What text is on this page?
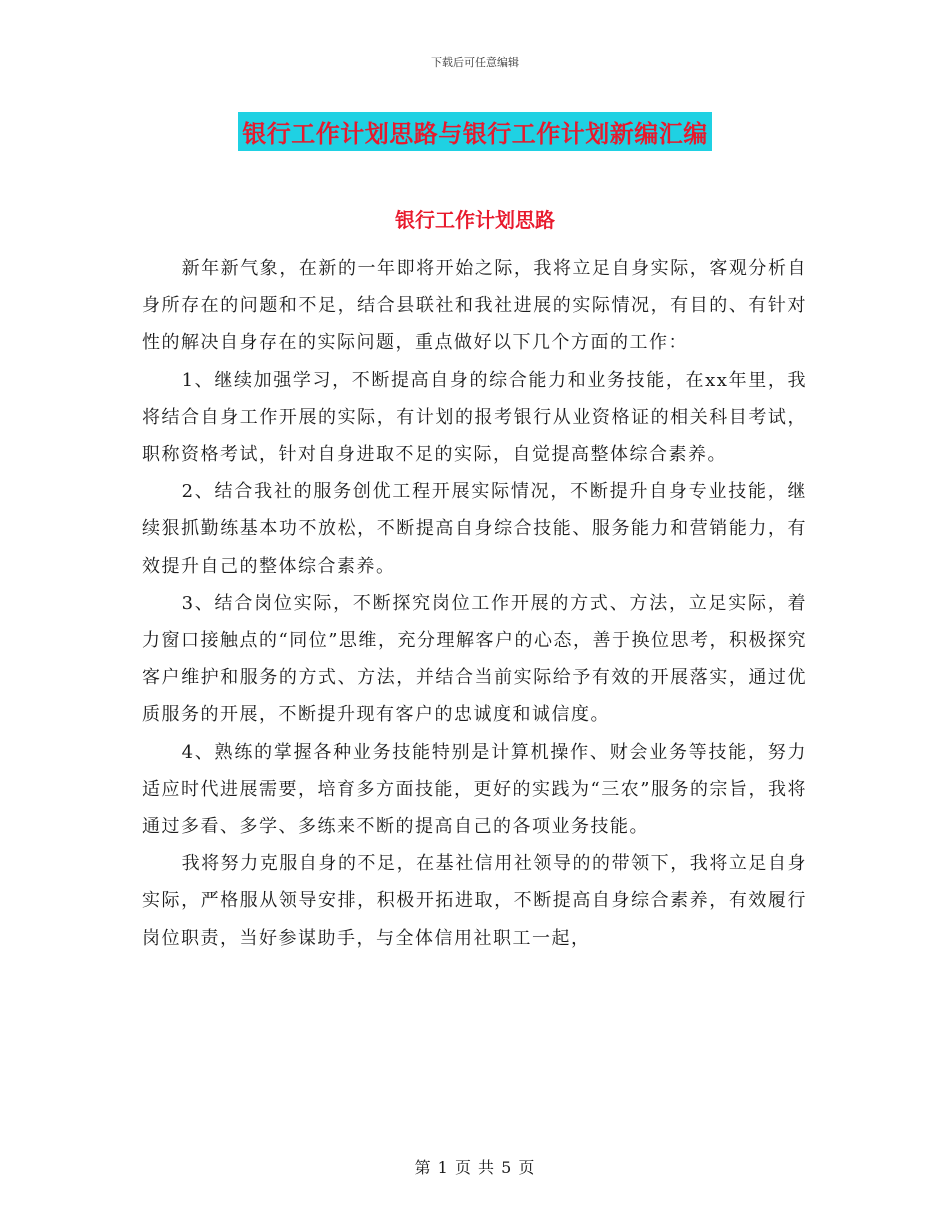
下载后可任意编辑
银行工作计划思路与银行工作计划新编汇编
银行工作计划思路

新年新气象，在新的一年即将开始之际，我将立足自身实际，客观分析自身所存在的问题和不足，结合县联社和我社进展的实际情况，有目的、有针对性的解决自身存在的实际问题，重点做好以下几个方面的工作：

1、继续加强学习，不断提高自身的综合能力和业务技能，在xx年里，我将结合自身工作开展的实际，有计划的报考银行从业资格证的相关科目考试，职称资格考试，针对自身进取不足的实际，自觉提高整体综合素养。

2、结合我社的服务创优工程开展实际情况，不断提升自身专业技能，继续狠抓勤练基本功不放松，不断提高自身综合技能、服务能力和营销能力，有效提升自己的整体综合素养。

3、结合岗位实际，不断探究岗位工作开展的方式、方法，立足实际，着力窗口接触点的“同位”思维，充分理解客户的心态，善于换位思考，积极探究客户维护和服务的方式、方法，并结合当前实际给予有效的开展落实，通过优质服务的开展，不断提升现有客户的忠诚度和诚信度。

4、熟练的掌握各种业务技能特别是计算机操作、财会业务等技能，努力适应时代进展需要，培育多方面技能，更好的实践为“三农”服务的宗旨，我将通过多看、多学、多练来不断的提高自己的各项业务技能。

我将努力克服自身的不足，在基社信用社领导的的带领下，我将立足自身实际，严格服从领导安排，积极开拓进取，不断提高自身综合素养，有效履行岗位职责，当好参谋助手，与全体信用社职工一起，

第 1 页 共 5 页
